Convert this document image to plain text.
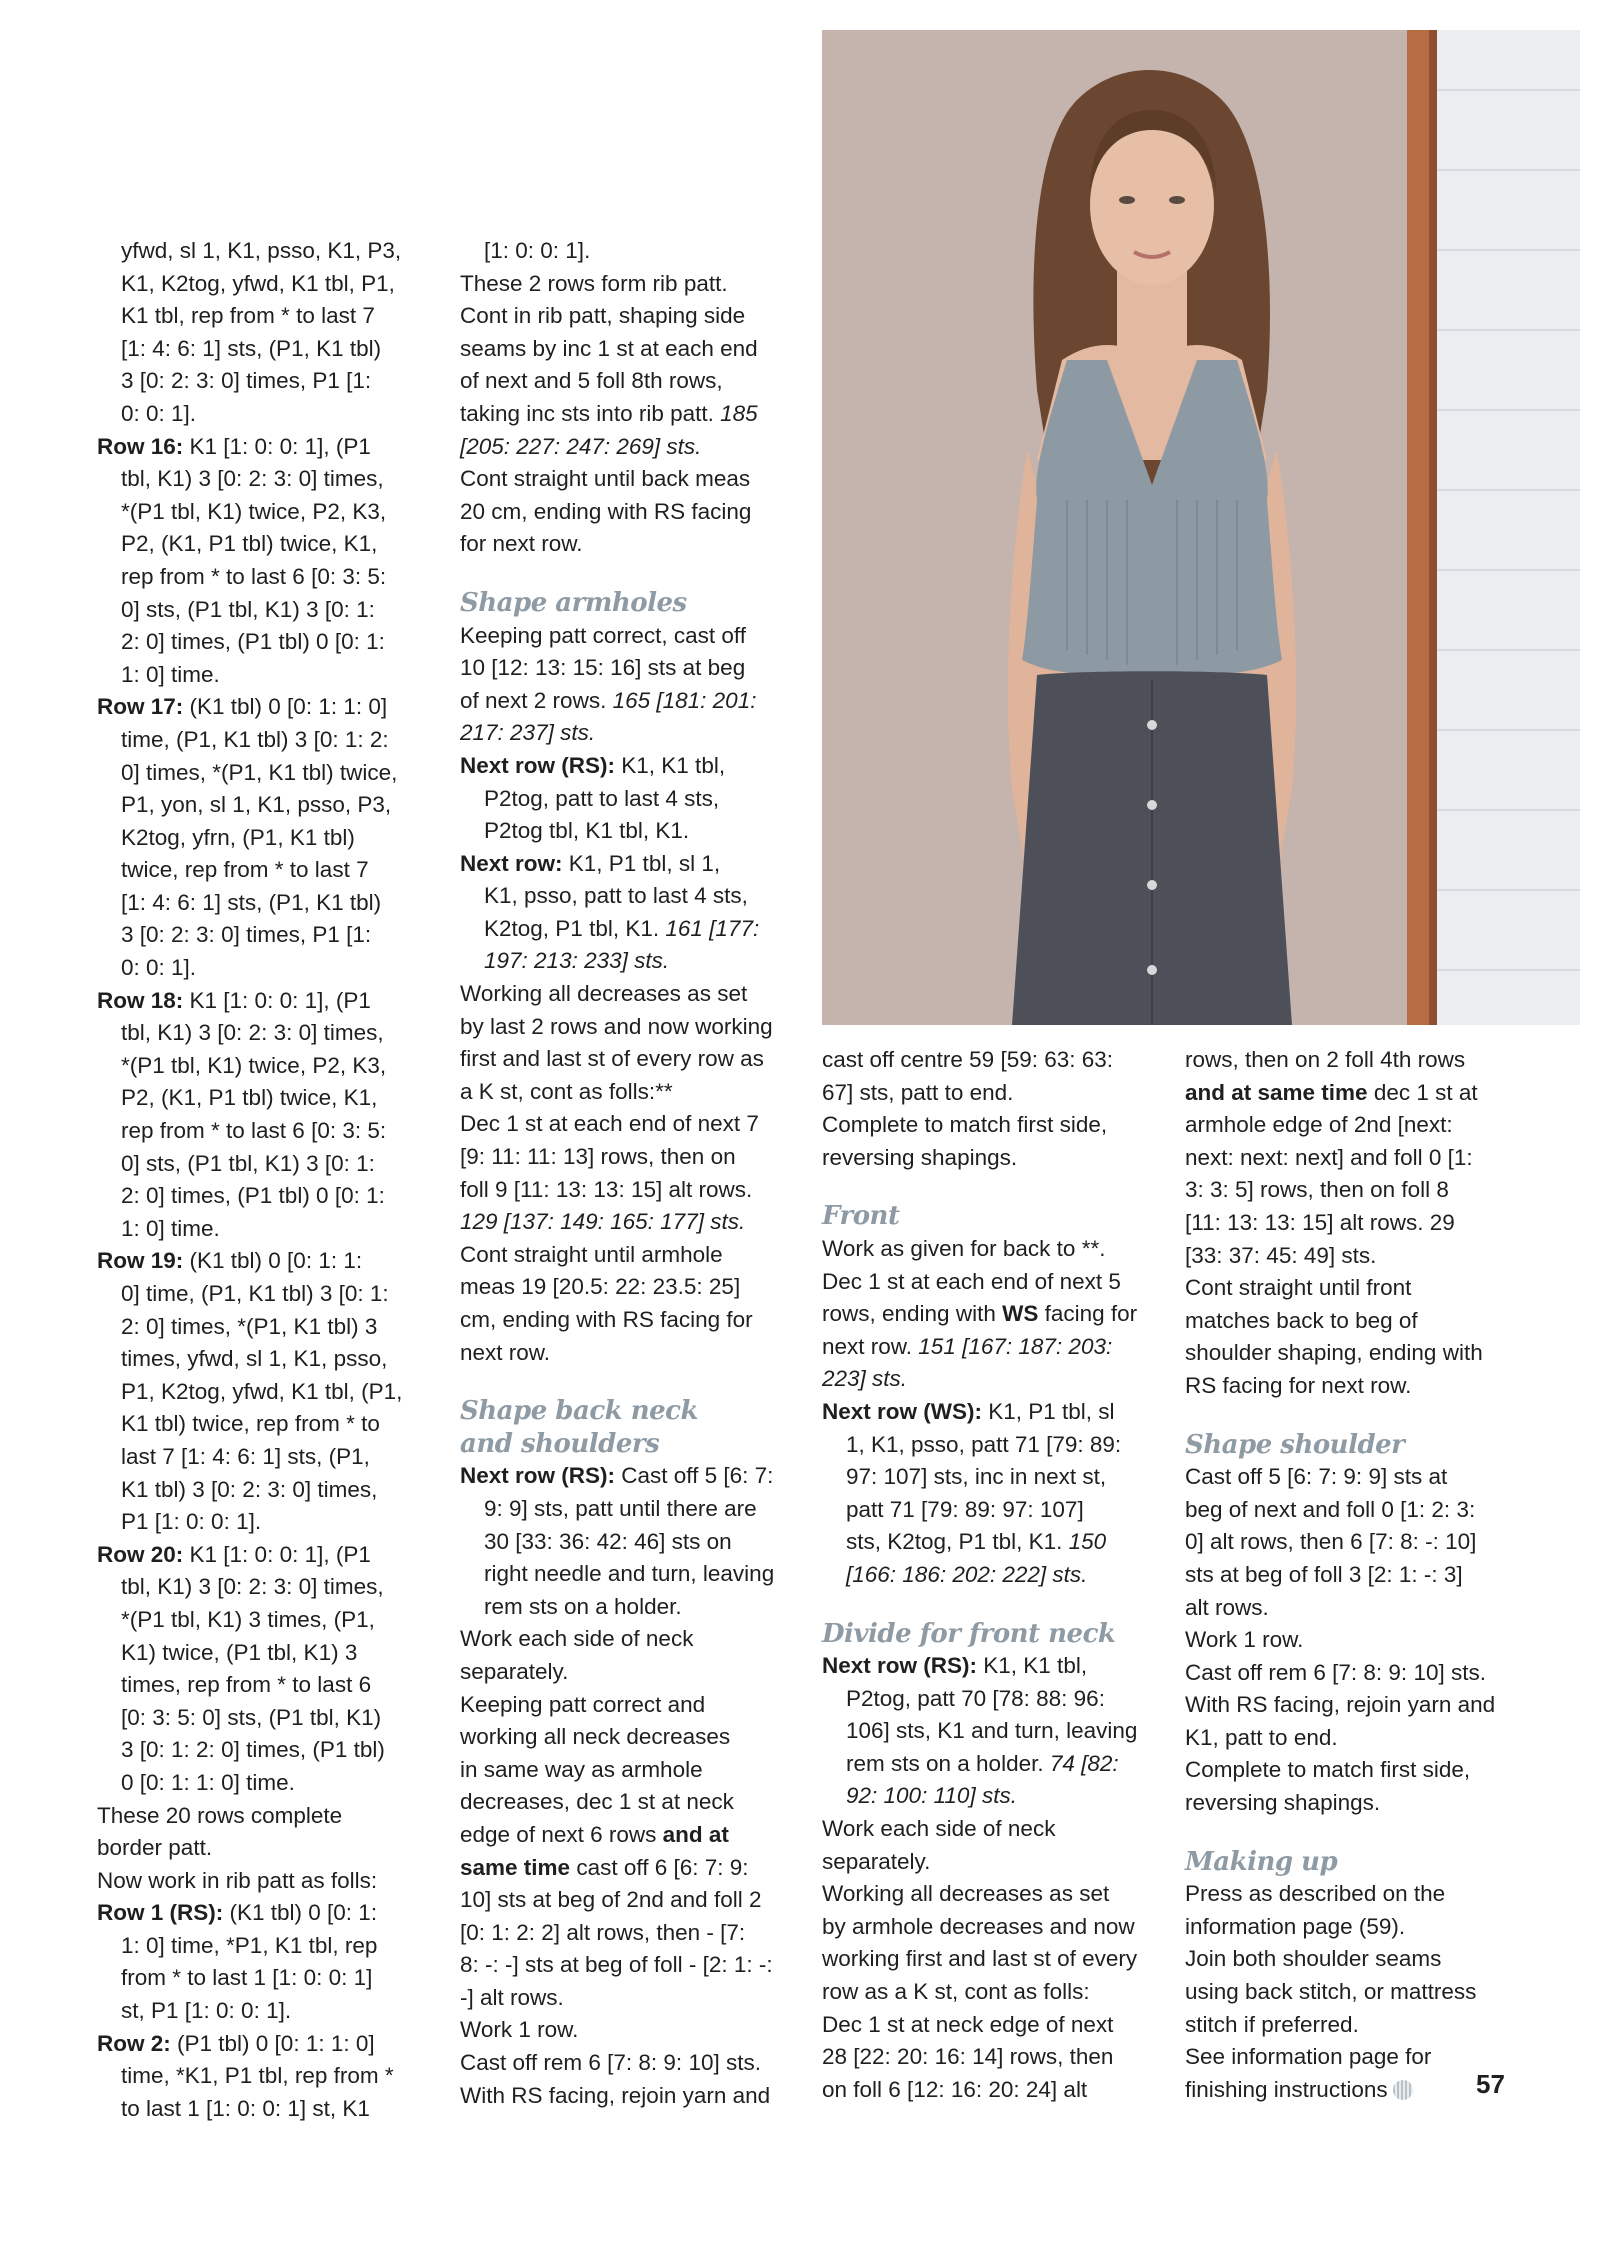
yfwd, sl 1, K1, psso, K1, P3,
K1, K2tog, yfwd, K1 tbl, P1,
K1 tbl, rep from * to last 7
[1: 4: 6: 1] sts, (P1, K1 tbl)
3 [0: 2: 3: 0] times, P1 [1:
0: 0: 1].
Row 16: K1 [1: 0: 0: 1], (P1
tbl, K1) 3 [0: 2: 3: 0] times,
*(P1 tbl, K1) twice, P2, K3,
P2, (K1, P1 tbl) twice, K1,
rep from * to last 6 [0: 3: 5:
0] sts, (P1 tbl, K1) 3 [0: 1:
2: 0] times, (P1 tbl) 0 [0: 1:
1: 0] time.
Row 17: (K1 tbl) 0 [0: 1: 1: 0]
time, (P1, K1 tbl) 3 [0: 1: 2:
0] times, *(P1, K1 tbl) twice,
P1, yon, sl 1, K1, psso, P3,
K2tog, yfrn, (P1, K1 tbl)
twice, rep from * to last 7
[1: 4: 6: 1] sts, (P1, K1 tbl)
3 [0: 2: 3: 0] times, P1 [1:
0: 0: 1].
Row 18: K1 [1: 0: 0: 1], (P1
tbl, K1) 3 [0: 2: 3: 0] times,
*(P1 tbl, K1) twice, P2, K3,
P2, (K1, P1 tbl) twice, K1,
rep from * to last 6 [0: 3: 5:
0] sts, (P1 tbl, K1) 3 [0: 1:
2: 0] times, (P1 tbl) 0 [0: 1:
1: 0] time.
Row 19: (K1 tbl) 0 [0: 1: 1:
0] time, (P1, K1 tbl) 3 [0: 1:
2: 0] times, *(P1, K1 tbl) 3
times, yfwd, sl 1, K1, psso,
P1, K2tog, yfwd, K1 tbl, (P1,
K1 tbl) twice, rep from * to
last 7 [1: 4: 6: 1] sts, (P1,
K1 tbl) 3 [0: 2: 3: 0] times,
P1 [1: 0: 0: 1].
Row 20: K1 [1: 0: 0: 1], (P1
tbl, K1) 3 [0: 2: 3: 0] times,
*(P1 tbl, K1) 3 times, (P1,
K1) twice, (P1 tbl, K1) 3
times, rep from * to last 6
[0: 3: 5: 0] sts, (P1 tbl, K1)
3 [0: 1: 2: 0] times, (P1 tbl)
0 [0: 1: 1: 0] time.
These 20 rows complete
border patt.
Now work in rib patt as folls:
Row 1 (RS): (K1 tbl) 0 [0: 1:
1: 0] time, *P1, K1 tbl, rep
from * to last 1 [1: 0: 0: 1]
st, P1 [1: 0: 0: 1].
Row 2: (P1 tbl) 0 [0: 1: 1: 0]
time, *K1, P1 tbl, rep from *
to last 1 [1: 0: 0: 1] st, K1
[1: 0: 0: 1].
These 2 rows form rib patt.
Cont in rib patt, shaping side
seams by inc 1 st at each end
of next and 5 foll 8th rows,
taking inc sts into rib patt. 185
[205: 227: 247: 269] sts.
Cont straight until back meas
20 cm, ending with RS facing
for next row.
Shape armholes
Keeping patt correct, cast off
10 [12: 13: 15: 16] sts at beg
of next 2 rows. 165 [181: 201:
217: 237] sts.
Next row (RS): K1, K1 tbl,
P2tog, patt to last 4 sts,
P2tog tbl, K1 tbl, K1.
Next row: K1, P1 tbl, sl 1,
K1, psso, patt to last 4 sts,
K2tog, P1 tbl, K1. 161 [177:
197: 213: 233] sts.
Working all decreases as set
by last 2 rows and now working
first and last st of every row as
a K st, cont as folls:**
Dec 1 st at each end of next 7
[9: 11: 11: 13] rows, then on
foll 9 [11: 13: 13: 15] alt rows.
129 [137: 149: 165: 177] sts.
Cont straight until armhole
meas 19 [20.5: 22: 23.5: 25]
cm, ending with RS facing for
next row.
Shape back neck
and shoulders
Next row (RS): Cast off 5 [6: 7:
9: 9] sts, patt until there are
30 [33: 36: 42: 46] sts on
right needle and turn, leaving
rem sts on a holder.
Work each side of neck
separately.
Keeping patt correct and
working all neck decreases
in same way as armhole
decreases, dec 1 st at neck
edge of next 6 rows and at
same time cast off 6 [6: 7: 9:
10] sts at beg of 2nd and foll 2
[0: 1: 2: 2] alt rows, then - [7:
8: -: -] sts at beg of foll - [2: 1: -:
-] alt rows.
Work 1 row.
Cast off rem 6 [7: 8: 9: 10] sts.
With RS facing, rejoin yarn and
cast off centre 59 [59: 63: 63:
67] sts, patt to end.
Complete to match first side,
reversing shapings.
Front
Work as given for back to **.
Dec 1 st at each end of next 5
rows, ending with WS facing for
next row. 151 [167: 187: 203:
223] sts.
Next row (WS): K1, P1 tbl, sl
1, K1, psso, patt 71 [79: 89:
97: 107] sts, inc in next st,
patt 71 [79: 89: 97: 107]
sts, K2tog, P1 tbl, K1. 150
[166: 186: 202: 222] sts.
Divide for front neck
Next row (RS): K1, K1 tbl,
P2tog, patt 70 [78: 88: 96:
106] sts, K1 and turn, leaving
rem sts on a holder. 74 [82:
92: 100: 110] sts.
Work each side of neck
separately.
Working all decreases as set
by armhole decreases and now
working first and last st of every
row as a K st, cont as folls:
Dec 1 st at neck edge of next
28 [22: 20: 16: 14] rows, then
on foll 6 [12: 16: 20: 24] alt
rows, then on 2 foll 4th rows
and at same time dec 1 st at
armhole edge of 2nd [next:
next: next: next] and foll 0 [1:
3: 3: 5] rows, then on foll 8
[11: 13: 13: 15] alt rows. 29
[33: 37: 45: 49] sts.
Cont straight until front
matches back to beg of
shoulder shaping, ending with
RS facing for next row.
Shape shoulder
Cast off 5 [6: 7: 9: 9] sts at
beg of next and foll 0 [1: 2: 3:
0] alt rows, then 6 [7: 8: -: 10]
sts at beg of foll 3 [2: 1: -: 3]
alt rows.
Work 1 row.
Cast off rem 6 [7: 8: 9: 10] sts.
With RS facing, rejoin yarn and
K1, patt to end.
Complete to match first side,
reversing shapings.
Making up
Press as described on the
information page (59).
Join both shoulder seams
using back stitch, or mattress
stitch if preferred.
See information page for
finishing instructions	57
